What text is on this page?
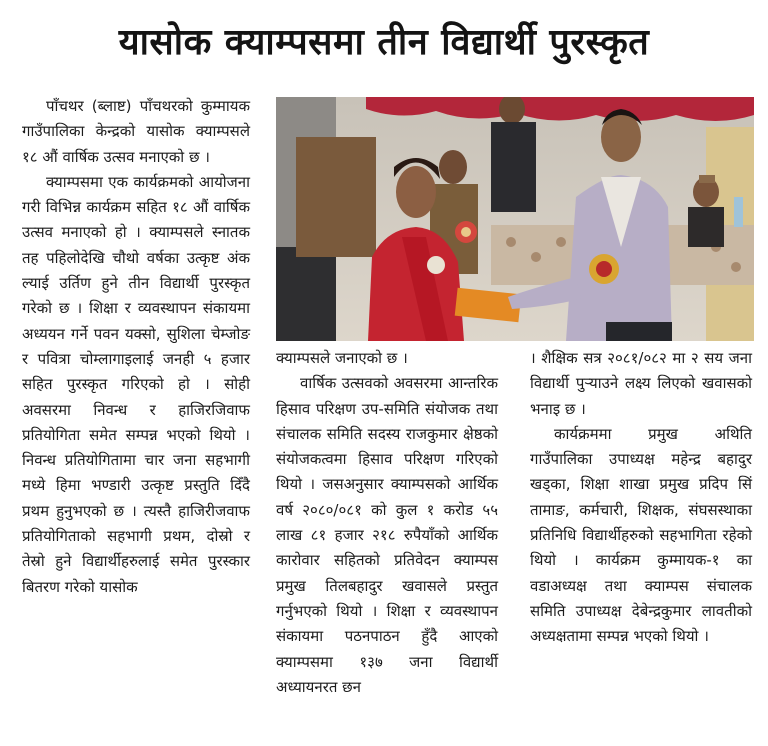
यासोक क्याम्पसमा तीन विद्यार्थी पुरस्कृत

पाँचथर (ब्लाष्ट) पाँचथरको कुम्मायक गाउँपालिका केन्द्रको यासोक क्याम्पसले १८ औं वार्षिक उत्सव मनाएको छ ।

क्याम्पसमा एक कार्यक्रमको आयोजना गरी विभिन्न कार्यक्रम सहित १८ औं वार्षिक उत्सव मनाएको हो । क्याम्पसले स्नातक तह पहिलोदेखि चौथो वर्षका उत्कृष्ट अंक ल्याई उर्तिण हुने तीन विद्यार्थी पुरस्कृत गरेको छ । शिक्षा र व्यवस्थापन संकायमा अध्ययन गर्ने पवन यक्सो, सुशिला चेम्जोङ र पवित्रा चोम्लागाइलाई जनही ५ हजार सहित पुरस्कृत गरिएको हो । सोही अवसरमा निवन्ध र हाजिरजिवाफ प्रतियोगिता समेत सम्पन्न भएको थियो । निवन्ध प्रतियोगितामा चार जना सहभागी मध्ये हिमा भण्डारी उत्कृष्ट प्रस्तुति दिँदै प्रथम हुनुभएको छ । त्यस्तै हाजिरीजवाफ प्रतियोगिताको सहभागी प्रथम, दोस्रो र तेस्रो हुने विद्यार्थीहरुलाई समेत पुरस्कार बितरण गरेको यासोक

क्याम्पसले जनाएको छ ।

वार्षिक उत्सवको अवसरमा आन्तरिक हिसाव परिक्षण उप-समिति संयोजक तथा संचालक समिति सदस्य राजकुमार क्षेष्ठको संयोजकत्वमा हिसाव परिक्षण गरिएको थियो । जसअनुसार क्याम्पसको आर्थिक वर्ष २०८०/०८१ को कुल १ करोड ५५ लाख ८१ हजार २१८ रुपैयाँको आर्थिक कारोवार सहितको प्रतिवेदन क्याम्पस प्रमुख तिलबहादुर खवासले प्रस्तुत गर्नुभएको थियो । शिक्षा र व्यवस्थापन संकायमा पठनपाठन हुँदै आएको क्याम्पसमा १३७ जना विद्यार्थी अध्यायनरत छन

। शैक्षिक सत्र २०८१/०८२ मा २ सय जना विद्यार्थी पुऱ्याउने लक्ष्य लिएको खवासको भनाइ छ ।

कार्यक्रममा प्रमुख अथिति गाउँपालिका उपाध्यक्ष महेन्द्र बहादुर खड्का, शिक्षा शाखा प्रमुख प्रदिप सिं तामाङ, कर्मचारी, शिक्षक, संघसस्थाका प्रतिनिधि विद्यार्थीहरुको सहभागिता रहेको थियो । कार्यक्रम कुम्मायक-१ का वडाअध्यक्ष तथा क्याम्पस संचालक समिति उपाध्यक्ष देबेन्द्रकुमार लावतीको अध्यक्षतामा सम्पन्न भएको थियो ।
